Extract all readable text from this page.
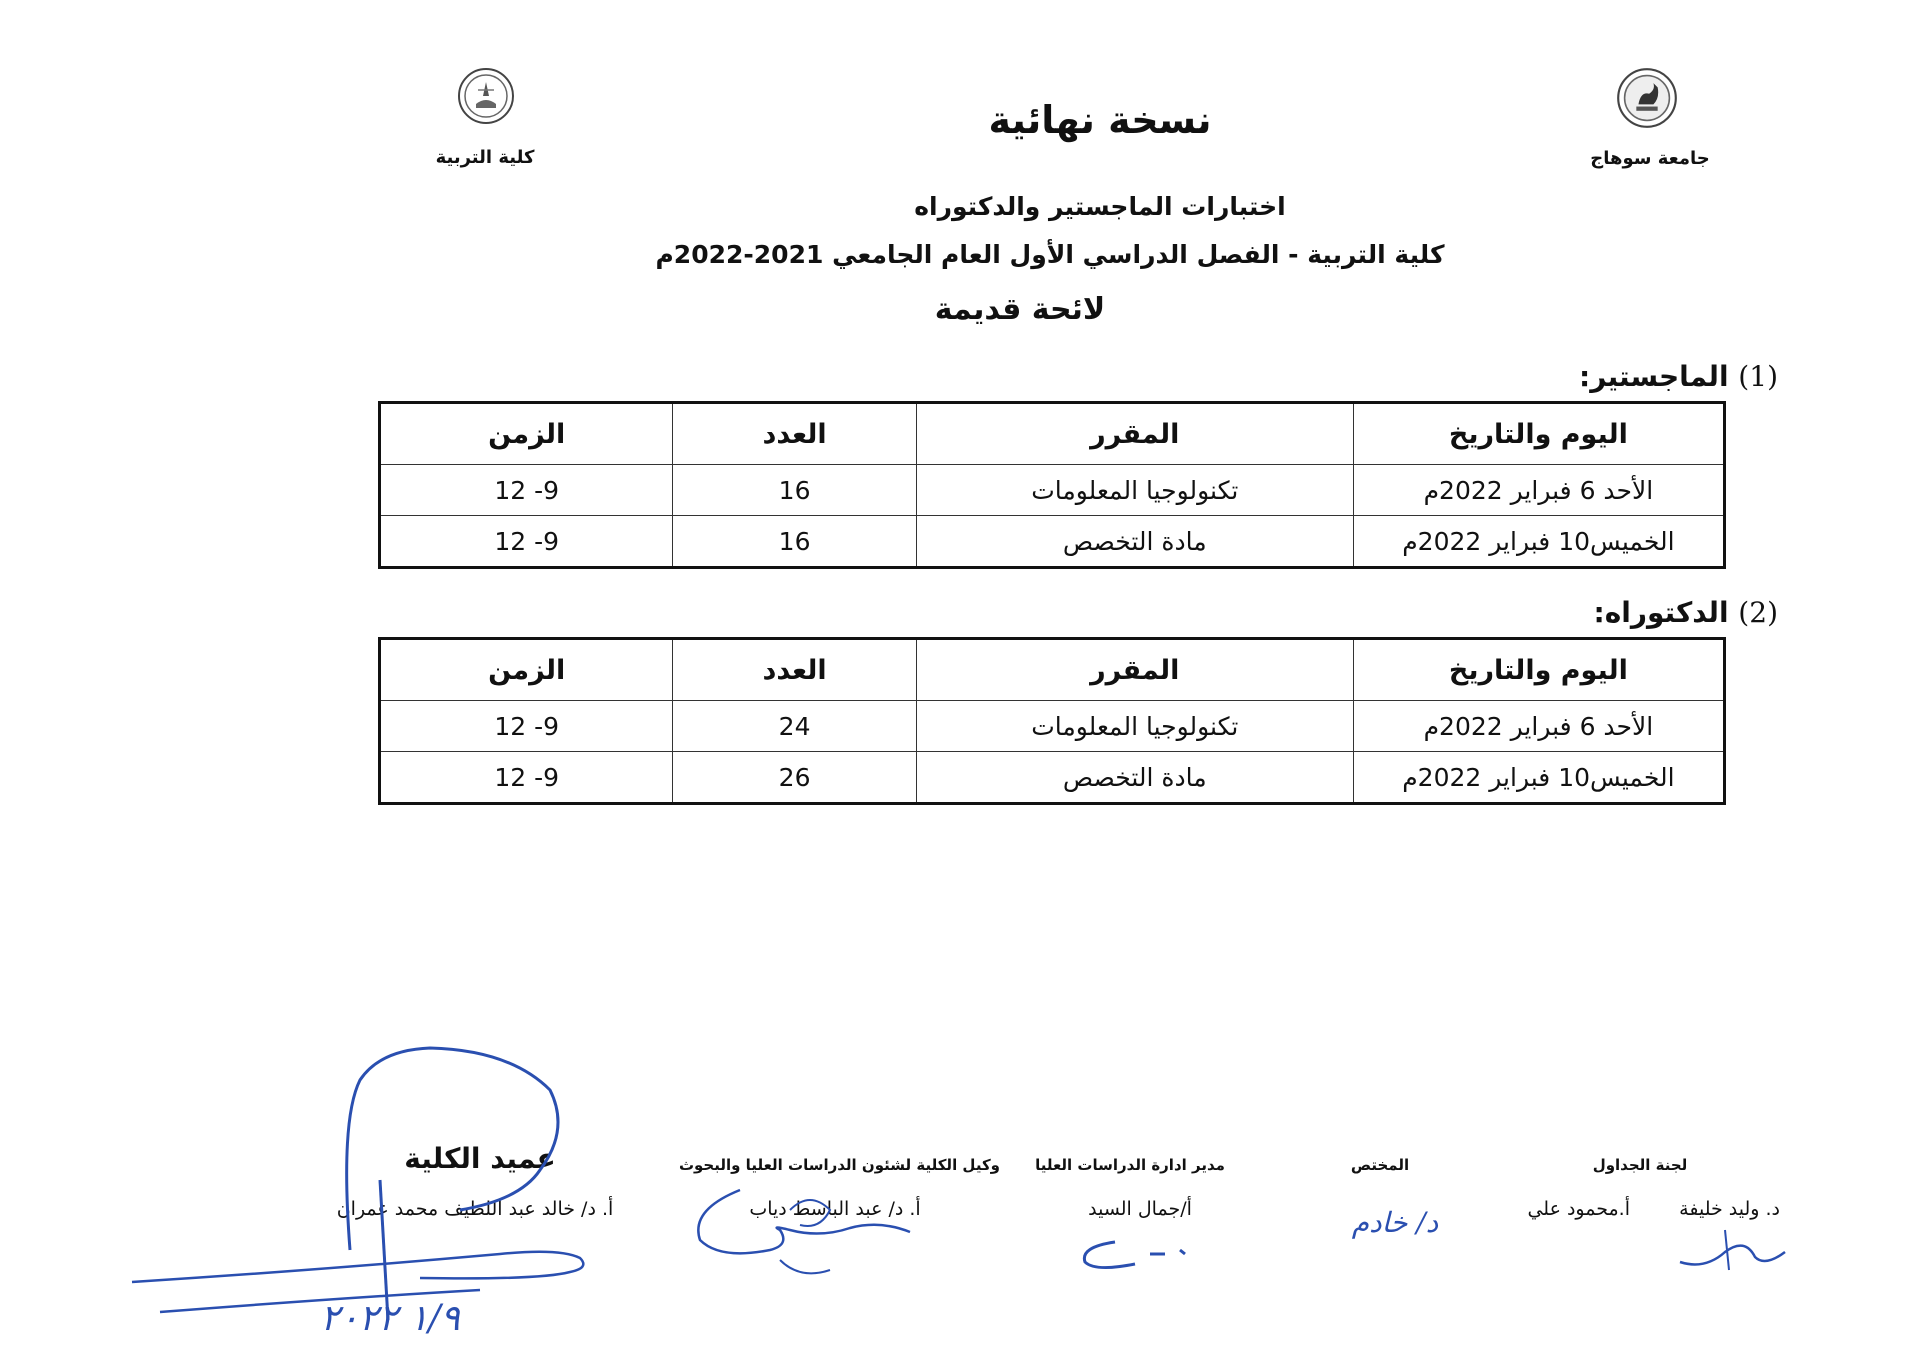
كلية التربية	جامعة سوهاج
نسخة نهائية
اختبارات الماجستير والدكتوراه
كلية التربية - الفصل الدراسي الأول العام الجامعي 2021-2022م
لائحة قديمة
(1) الماجستير:
اليوم والتاريخ	المقرر	العدد	الزمن
الأحد 6 فبراير 2022م	تكنولوجيا المعلومات	16	9- 12
الخميس10 فبراير 2022م	مادة التخصص	16	9- 12
(2) الدكتوراه:
اليوم والتاريخ	المقرر	العدد	الزمن
الأحد 6 فبراير 2022م	تكنولوجيا المعلومات	24	9- 12
الخميس10 فبراير 2022م	مادة التخصص	26	9- 12
لجنة الجداول
د. وليد خليفة
أ.محمود علي
المختص
د/ خادم
مدير ادارة الدراسات العليا
أ/جمال السيد
وكيل الكلية لشئون الدراسات العليا والبحوث
أ. د/ عبد الباسط دياب
عميد الكلية
أ. د/ خالد عبد اللطيف محمد عمران
١/٩ ٢٠٢٢
